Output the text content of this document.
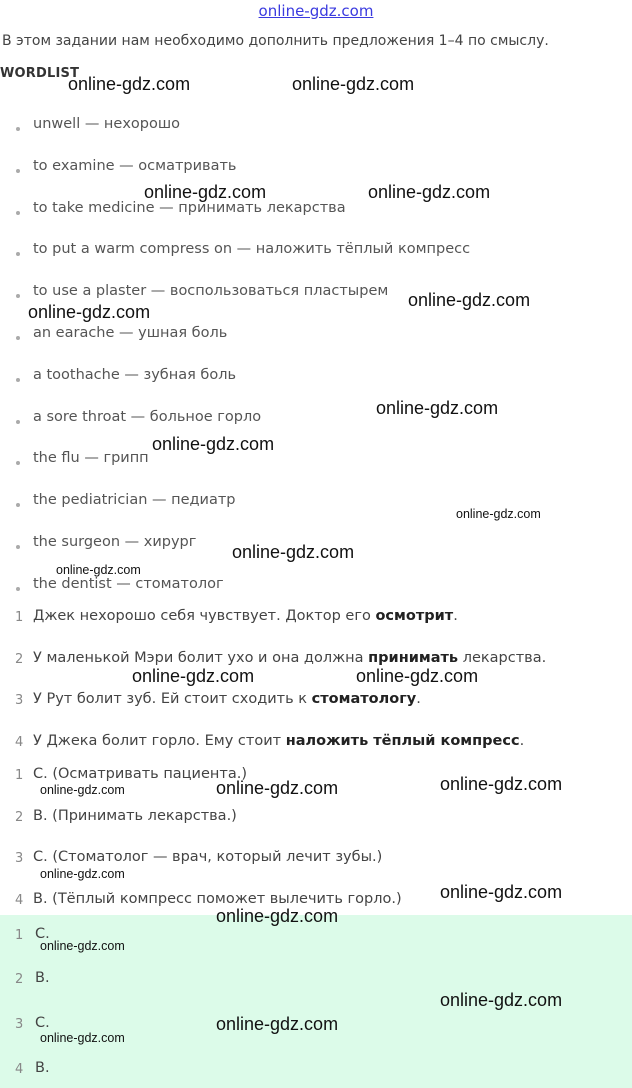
online-gdz.com
В этом задании нам необходимо дополнить предложения 1–4 по смыслу.
WORDLIST
unwell — нехорошо
to examine — осматривать
to take medicine — принимать лекарства
to put a warm compress on — наложить тёплый компресс
to use a plaster — воспользоваться пластырем
an earache — ушная боль
a toothache — зубная боль
a sore throat — больное горло
the flu — грипп
the pediatrician — педиатр
the surgeon — хирург
the dentist — стоматолог
1 Джек нехорошо себя чувствует. Доктор его осмотрит.
2 У маленькой Мэри болит ухо и она должна принимать лекарства.
3 У Рут болит зуб. Ей стоит сходить к стоматологу.
4 У Джека болит горло. Ему стоит наложить тёплый компресс.
1 С. (Осматривать пациента.)
2 В. (Принимать лекарства.)
3 С. (Стоматолог — врач, который лечит зубы.)
4 В. (Тёплый компресс поможет вылечить горло.)
1 С.
2 В.
3 С.
4 В.
online-gdz.com	online-gdz.com
online-gdz.com	online-gdz.com
online-gdz.com
online-gdz.com
online-gdz.com
online-gdz.com
online-gdz.com
online-gdz.com
online-gdz.com
online-gdz.com	online-gdz.com
online-gdz.com
online-gdz.com	online-gdz.com
online-gdz.com
online-gdz.com
online-gdz.com
online-gdz.com
online-gdz.com
online-gdz.com
online-gdz.com
